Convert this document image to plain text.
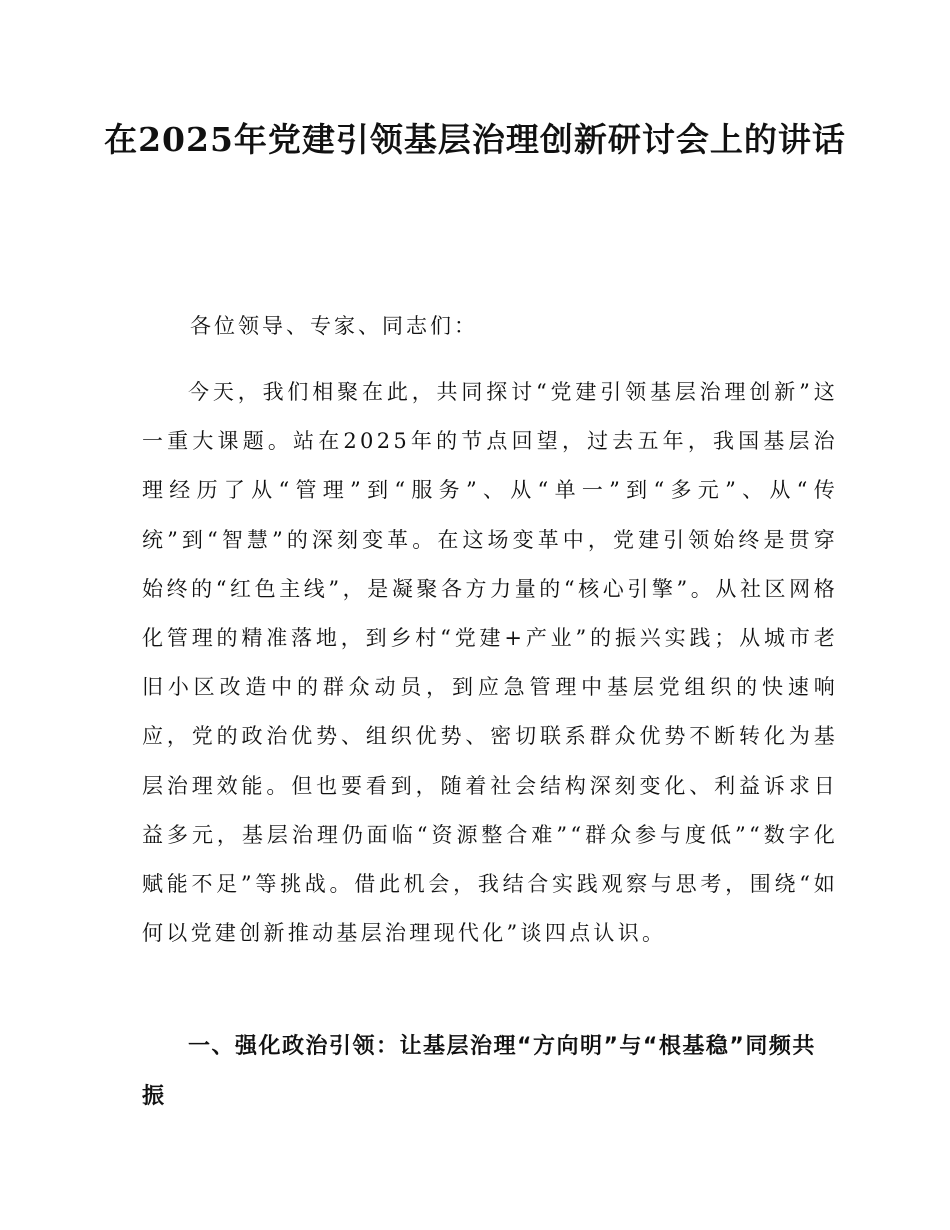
在2025年党建引领基层治理创新研讨会上的讲话

各位领导、专家、同志们：

今天，我们相聚在此，共同探讨“党建引领基层治理创新”这一重大课题。站在2025年的节点回望，过去五年，我国基层治理经历了从“管理”到“服务”、从“单一”到“多元”、从“传统”到“智慧”的深刻变革。在这场变革中，党建引领始终是贯穿始终的“红色主线”，是凝聚各方力量的“核心引擎”。从社区网格化管理的精准落地，到乡村“党建+产业”的振兴实践；从城市老旧小区改造中的群众动员，到应急管理中基层党组织的快速响应，党的政治优势、组织优势、密切联系群众优势不断转化为基层治理效能。但也要看到，随着社会结构深刻变化、利益诉求日益多元，基层治理仍面临“资源整合难”“群众参与度低”“数字化赋能不足”等挑战。借此机会，我结合实践观察与思考，围绕“如何以党建创新推动基层治理现代化”谈四点认识。

一、强化政治引领：让基层治理“方向明”与“根基稳”同频共振
